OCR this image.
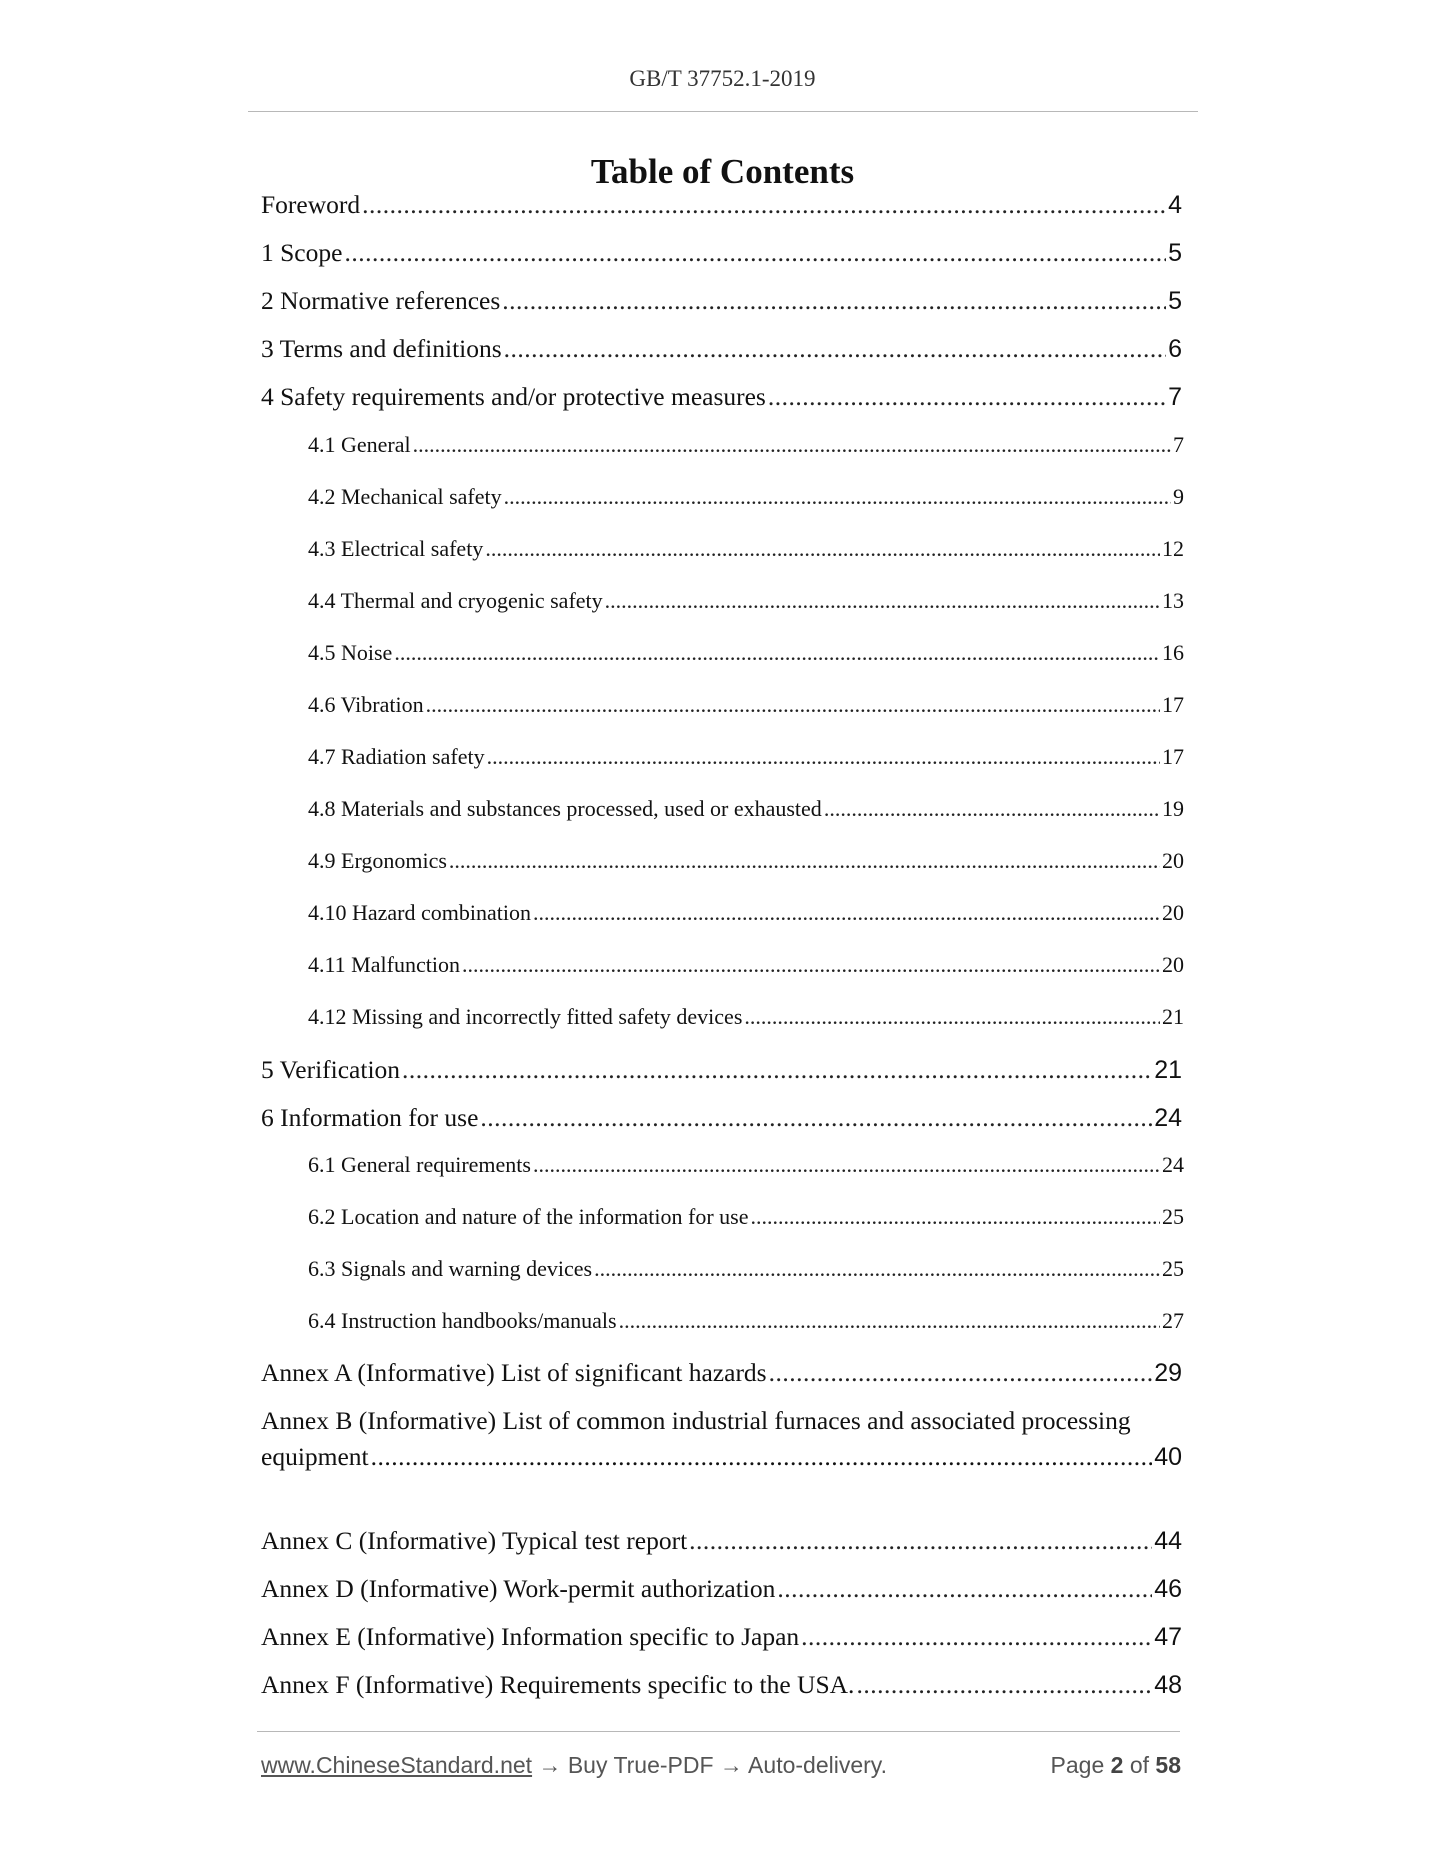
GB/T 37752.1-2019
Table of Contents
Foreword .....	4
1 Scope .....	5
2 Normative references .....	5
3 Terms and definitions .....	6
4 Safety requirements and/or protective measures .....	7
4.1 General .....	7
4.2 Mechanical safety .....	9
4.3 Electrical safety .....	12
4.4 Thermal and cryogenic safety .....	13
4.5 Noise .....	16
4.6 Vibration .....	17
4.7 Radiation safety .....	17
4.8 Materials and substances processed, used or exhausted .....	19
4.9 Ergonomics .....	20
4.10 Hazard combination .....	20
4.11 Malfunction .....	20
4.12 Missing and incorrectly fitted safety devices .....	21
5 Verification .....	21
6 Information for use .....	24
6.1 General requirements .....	24
6.2 Location and nature of the information for use .....	25
6.3 Signals and warning devices .....	25
6.4 Instruction handbooks/manuals .....	27
Annex A (Informative) List of significant hazards .....	29
Annex B (Informative) List of common industrial furnaces and associated processing
equipment .....	40
Annex C (Informative) Typical test report .....	44
Annex D (Informative) Work-permit authorization .....	46
Annex E (Informative) Information specific to Japan .....	47
Annex F (Informative) Requirements specific to the USA. .....	48
www.ChineseStandard.net → Buy True-PDF → Auto-delivery.	Page 2 of 58
